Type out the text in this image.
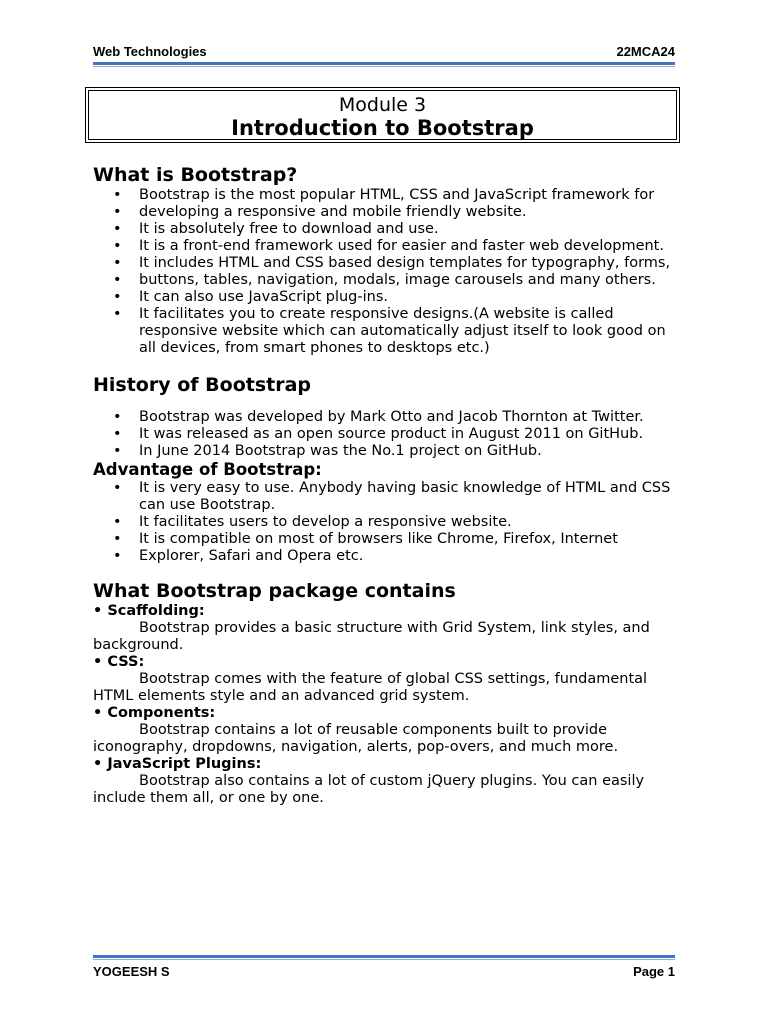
Web Technologies	22MCA24
Module 3
Introduction to Bootstrap
What is Bootstrap?
• Bootstrap is the most popular HTML, CSS and JavaScript framework for
• developing a responsive and mobile friendly website.
• It is absolutely free to download and use.
• It is a front-end framework used for easier and faster web development.
• It includes HTML and CSS based design templates for typography, forms,
• buttons, tables, navigation, modals, image carousels and many others.
• It can also use JavaScript plug-ins.
• It facilitates you to create responsive designs.(A website is called responsive website which can automatically adjust itself to look good on all devices, from smart phones to desktops etc.)
History of Bootstrap
• Bootstrap was developed by Mark Otto and Jacob Thornton at Twitter.
• It was released as an open source product in August 2011 on GitHub.
• In June 2014 Bootstrap was the No.1 project on GitHub.
Advantage of Bootstrap:
• It is very easy to use. Anybody having basic knowledge of HTML and CSS can use Bootstrap.
• It facilitates users to develop a responsive website.
• It is compatible on most of browsers like Chrome, Firefox, Internet
• Explorer, Safari and Opera etc.
What Bootstrap package contains
• Scaffolding:
Bootstrap provides a basic structure with Grid System, link styles, and background.
• CSS:
Bootstrap comes with the feature of global CSS settings, fundamental HTML elements style and an advanced grid system.
• Components:
Bootstrap contains a lot of reusable components built to provide iconography, dropdowns, navigation, alerts, pop-overs, and much more.
• JavaScript Plugins:
Bootstrap also contains a lot of custom jQuery plugins. You can easily include them all, or one by one.
YOGEESH S	Page 1
